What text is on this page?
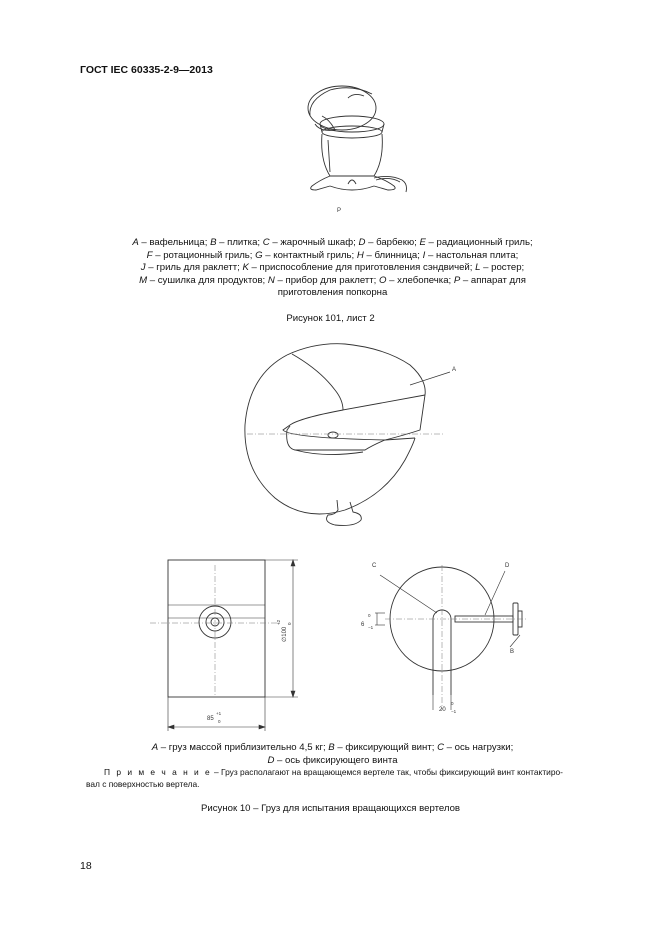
ГОСТ IEC 60335-2-9—2013
P
A – вафельница; B – плитка; C – жарочный шкаф; D – барбекю; E – радиационный гриль;
F – ротационный гриль; G – контактный гриль; H – блинница; I – настольная плита;
J – гриль для раклетт; K – приспособление для приготовления сэндвичей; L – ростер;
M – сушилка для продуктов; N – прибор для раклетт; O – хлебопечка; P – аппарат для
приготовления попкорна
Рисунок 101, лист 2
A
∅100
+2 0
85
+1
0
C	D
B
6
0
−1
20
0
−1
A – груз массой приблизительно 4,5 кг; B – фиксирующий винт; C – ось нагрузки;
D – ось фиксирующего винта
П р и м е ч а н и е – Груз располагают на вращающемся вертеле так, чтобы фиксирующий винт контактиро-
вал с поверхностью вертела.
Рисунок 10 – Груз для испытания вращающихся вертелов
18
